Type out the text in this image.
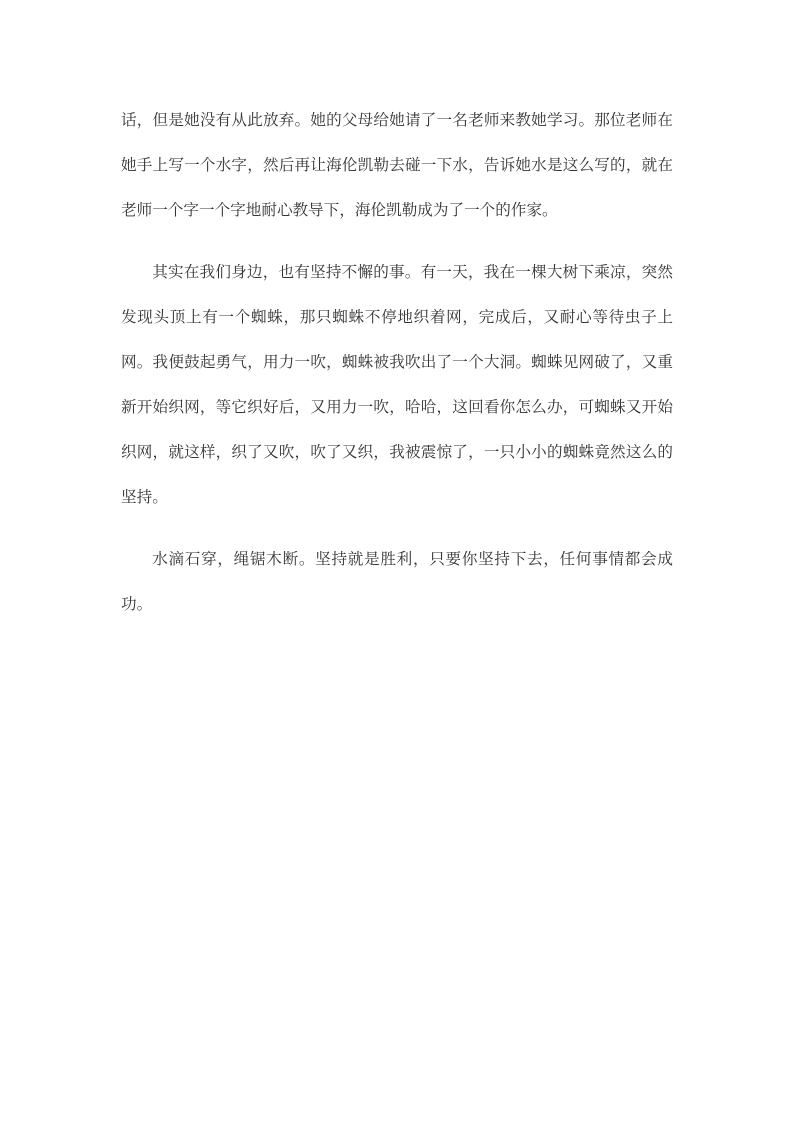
话，但是她没有从此放弃。她的父母给她请了一名老师来教她学习。那位老师在她手上写一个水字，然后再让海伦凯勒去碰一下水，告诉她水是这么写的，就在老师一个字一个字地耐心教导下，海伦凯勒成为了一个的作家。

其实在我们身边，也有坚持不懈的事。有一天，我在一棵大树下乘凉，突然发现头顶上有一个蜘蛛，那只蜘蛛不停地织着网，完成后，又耐心等待虫子上网。我便鼓起勇气，用力一吹，蜘蛛被我吹出了一个大洞。蜘蛛见网破了，又重新开始织网，等它织好后，又用力一吹，哈哈，这回看你怎么办，可蜘蛛又开始织网，就这样，织了又吹，吹了又织，我被震惊了，一只小小的蜘蛛竟然这么的坚持。

水滴石穿，绳锯木断。坚持就是胜利，只要你坚持下去，任何事情都会成功。
